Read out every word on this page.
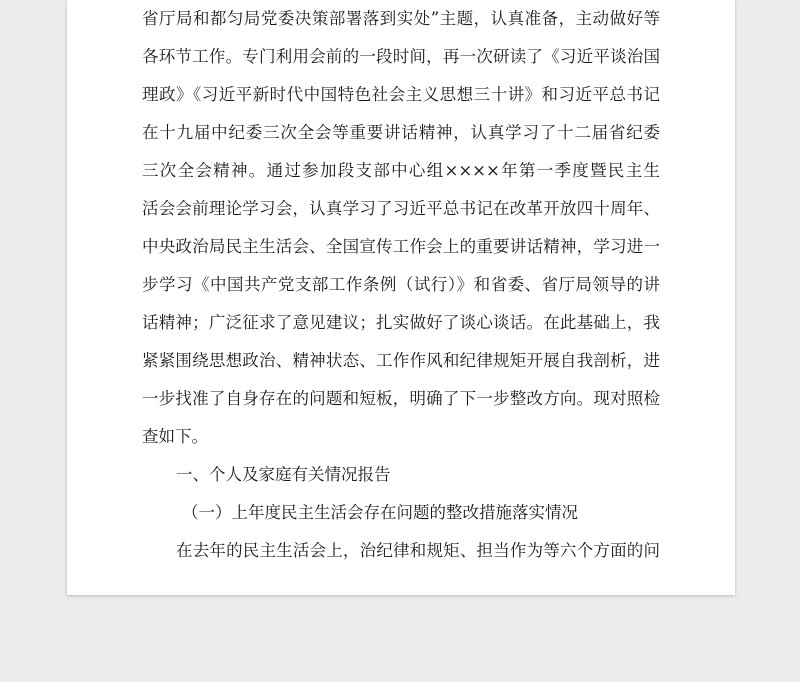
省厅局和都匀局党委决策部署落到实处”主题，认真准备，主动做好等
各环节工作。专门利用会前的一段时间，再一次研读了《习近平谈治国
理政》《习近平新时代中国特色社会主义思想三十讲》和习近平总书记
在十九届中纪委三次全会等重要讲话精神，认真学习了十二届省纪委
三次全会精神。通过参加段支部中心组××××年第一季度暨民主生
活会会前理论学习会，认真学习了习近平总书记在改革开放四十周年、
中央政治局民主生活会、全国宣传工作会上的重要讲话精神，学习进一
步学习《中国共产党支部工作条例（试行）》和省委、省厅局领导的讲
话精神；广泛征求了意见建议；扎实做好了谈心谈话。在此基础上，我
紧紧围绕思想政治、精神状态、工作作风和纪律规矩开展自我剖析，进
一步找准了自身存在的问题和短板，明确了下一步整改方向。现对照检
查如下。
一、个人及家庭有关情况报告
（一）上年度民主生活会存在问题的整改措施落实情况
在去年的民主生活会上，治纪律和规矩、担当作为等六个方面的问
